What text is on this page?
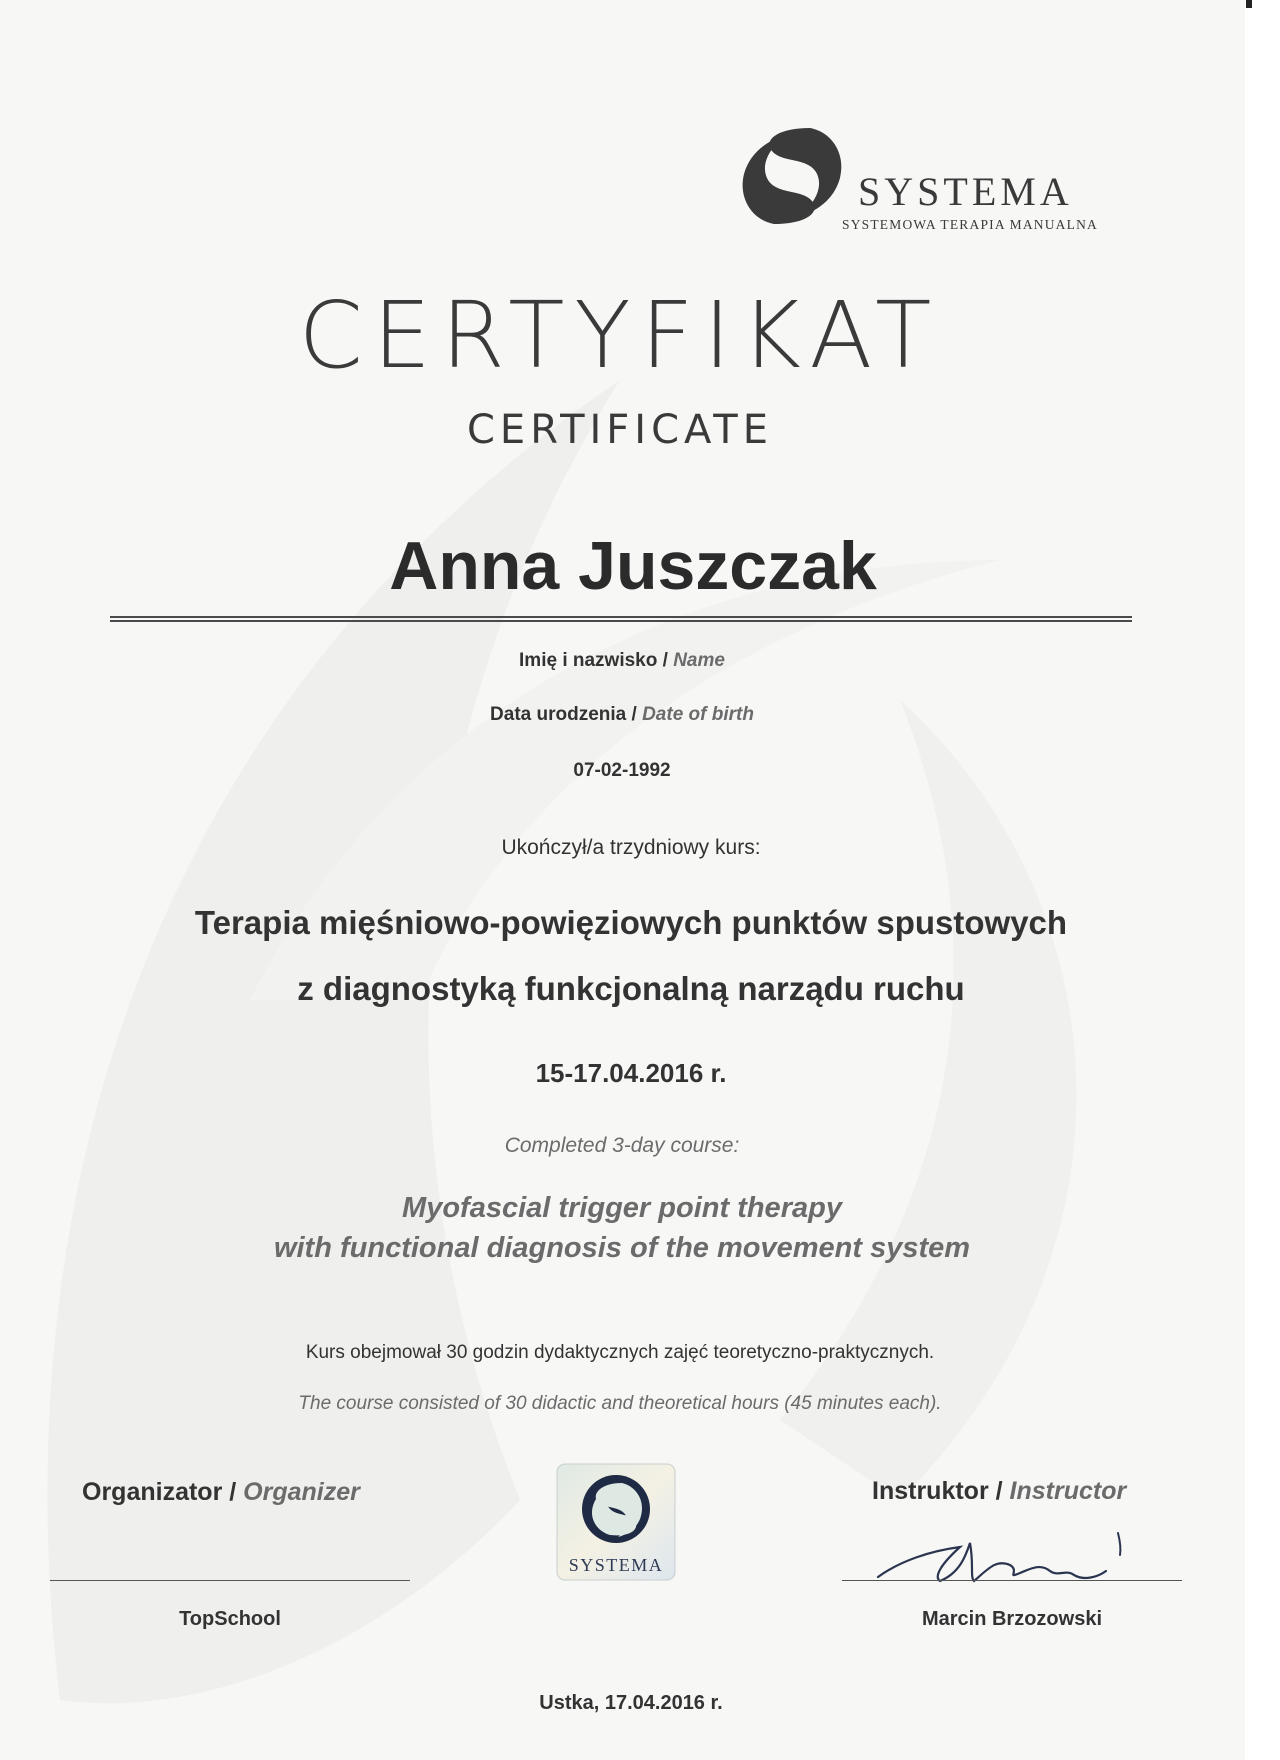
SYSTEMA
SYSTEMOWA TERAPIA MANUALNA
CERTYFIKAT
CERTIFICATE
Anna Juszczak
Imię i nazwisko / Name
Data urodzenia / Date of birth
07-02-1992
Ukończył/a trzydniowy kurs:
Terapia mięśniowo-powięziowych punktów spustowych
z diagnostyką funkcjonalną narządu ruchu
15-17.04.2016 r.
Completed 3-day course:
Myofascial trigger point therapy
with functional diagnosis of the movement system
Kurs obejmował 30 godzin dydaktycznych zajęć teoretyczno-praktycznych.
The course consisted of 30 didactic and theoretical hours (45 minutes each).
Organizator / Organizer	Instruktor / Instructor
SYSTEMA
TopSchool	Marcin Brzozowski
Ustka, 17.04.2016 r.
